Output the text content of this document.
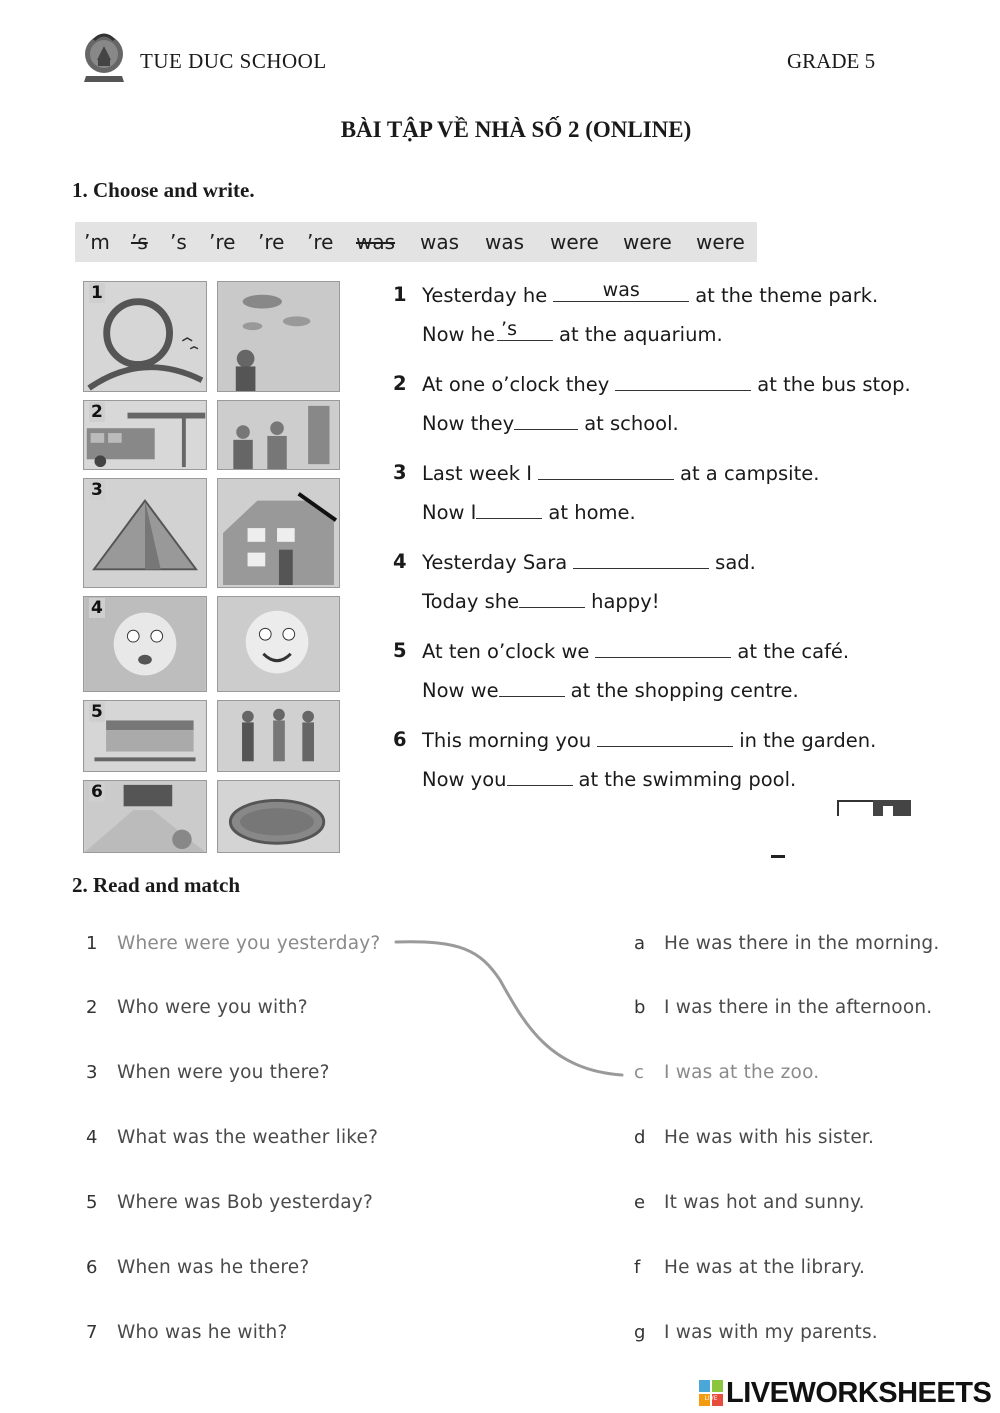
TUE DUC SCHOOL	GRADE 5
BÀI TẬP VỀ NHÀ SỐ 2 (ONLINE)
1. Choose and write.
’m ’s ’s ’re ’re ’re was was was were were were
1
2
3
4
5
6
1 Yesterday he	was	at the theme park.
Now he ’s	at the aquarium.
2 At one o’clock they	at the bus stop.
Now they	at school.
3 Last week I	at a campsite.
Now I	at home.
4 Yesterday Sara	sad.
Today she	happy!
5 At ten o’clock we	at the café.
Now we	at the shopping centre.
6 This morning you	in the garden.
Now you	at the swimming pool.
2. Read and match
1 Where were you yesterday?
2 Who were you with?
3 When were you there?
4 What was the weather like?
5 Where was Bob yesterday?
6 When was he there?
7 Who was he with?
a He was there in the morning.
b I was there in the afternoon.
c I was at the zoo.
d He was with his sister.
e It was hot and sunny.
f He was at the library.
g I was with my parents.
LIVE LIVEWORKSHEETS
